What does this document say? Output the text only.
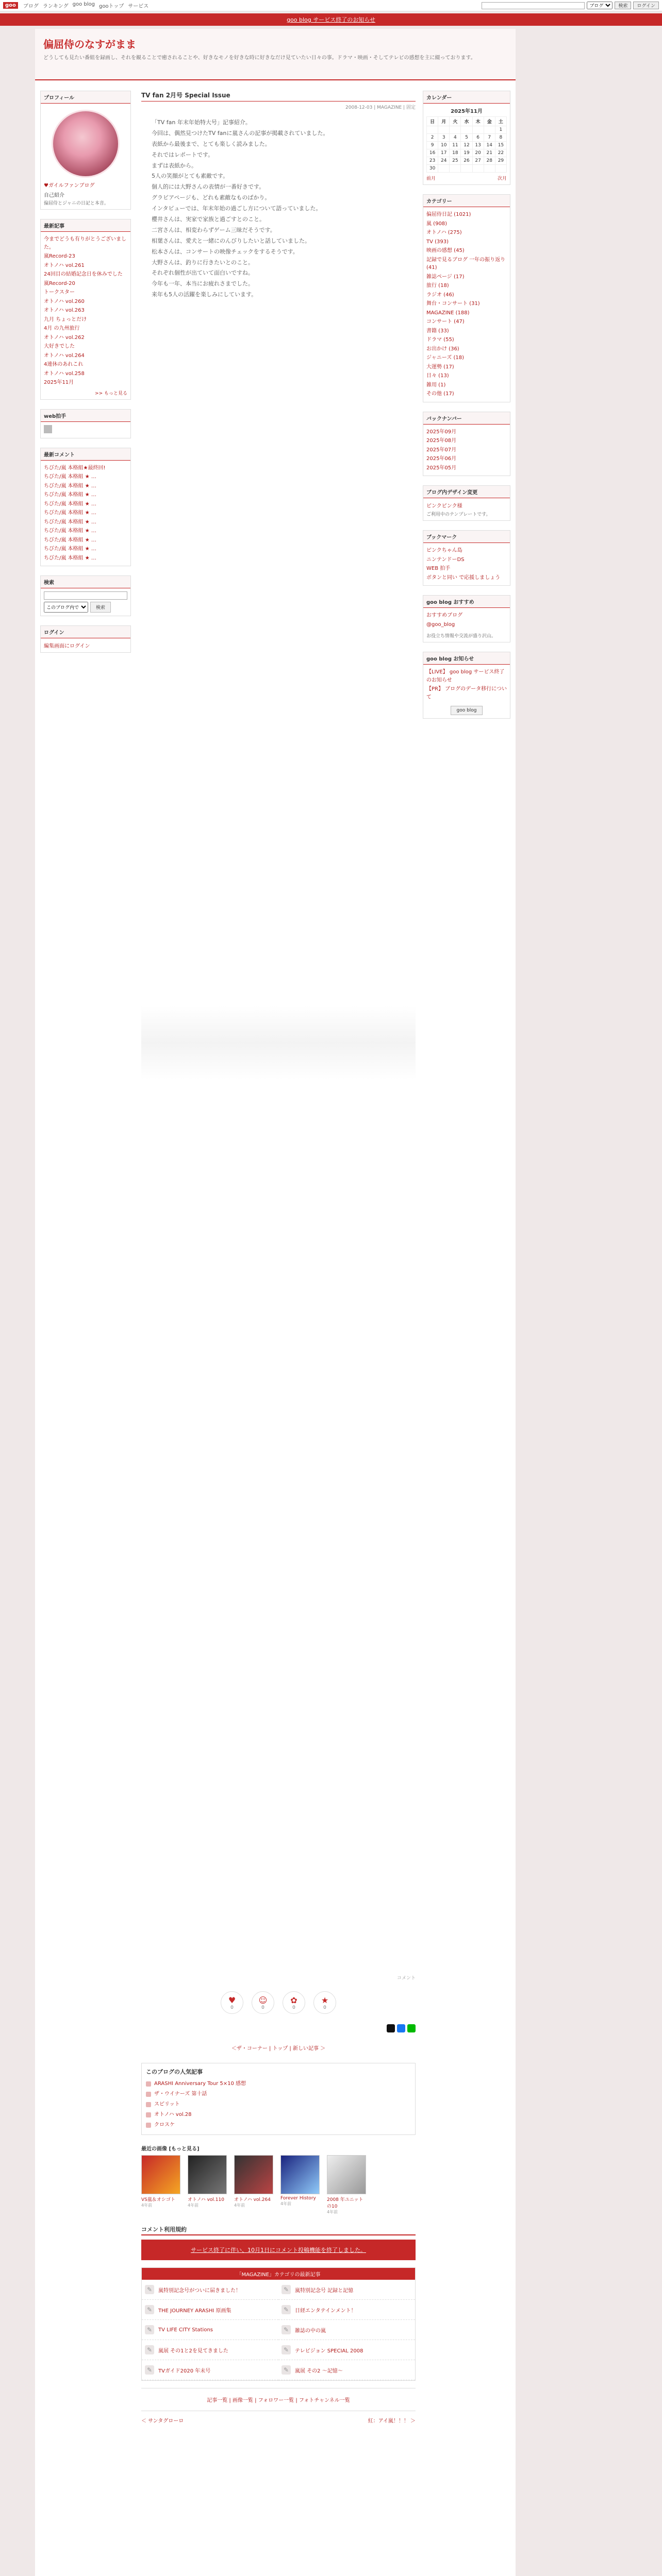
goo	ブログ ランキング goo blog gooトップ サービス
ブログ	検索	ログイン
goo blog サービス終了のお知らせ
偏屈侍のなすがまま
どうしても見たい番組を録画し、それを観ることで癒されることや、好きなモノを好きな時に好きなだけ見ていたい日々の事。ドラマ・映画・そしてテレビの感想を主に綴っております。
プロフィール
♥ガイルファンブログ
自己紹介
偏屈侍とジャニの日記と本音。
最新記事
今までどうも有りがとうございました。
嵐Record-23
オトノハ vol.261
24回目の結婚記念日を休みでした
嵐Record-20
トークスター
オトノハ vol.260
オトノハ vol.263
九月 ちょっとだけ
4月 の九州旅行
オトノハ vol.262
大好きでした
オトノハ vol.264
4連休のあれこれ
オトノハ vol.258
2025年11月
>> もっと見る
web拍手
最新コメント
ちびた/嵐 本格組★最終回!
ちびた/嵐 本格組 ★ …
ちびた/嵐 本格組 ★ …
ちびた/嵐 本格組 ★ …
ちびた/嵐 本格組 ★ …
ちびた/嵐 本格組 ★ …
ちびた/嵐 本格組 ★ …
ちびた/嵐 本格組 ★ …
ちびた/嵐 本格組 ★ …
ちびた/嵐 本格組 ★ …
ちびた/嵐 本格組 ★ …
検索
このブログ内で
検索
ログイン
編集画面にログイン
TV fan 2月号 Special Issue
2008-12-03 | MAGAZINE | 固定

「TV fan 年末年始特大号」記事紹介。

今回は、偶然見つけたTV fanに嵐さんの記事が掲載されていました。

表紙から最後まで、とても楽しく読みました。

それではレポートです。

まずは表紙から。

5人の笑顔がとても素敵です。

個人的には大野さんの表情が一番好きです。

グラビアページも、どれも素敵なものばかり。

インタビューでは、年末年始の過ごし方について語っていました。

櫻井さんは、実家で家族と過ごすとのこと。

二宮さんは、相変わらずゲーム三昧だそうです。

相葉さんは、愛犬と一緒にのんびりしたいと話していました。

松本さんは、コンサートの映像チェックをするそうです。

大野さんは、釣りに行きたいとのこと。

それぞれ個性が出ていて面白いですね。

今年も一年、本当にお疲れさまでした。

来年も5人の活躍を楽しみにしています。

コメント
♥
0
☺
0
✿
0
★
0
＜ザ・コーナー | トップ | 新しい記事 ＞
このブログの人気記事
ARASHI Anniversary Tour 5×10 感想
ザ・ウイナーズ 第十話
スピリット
オトノハ vol.28
クロスケ
最近の画像 [もっと見る]
VS嵐＆オシゴト
4年前
オトノハ vol.110
4年前
オトノハ vol.264
4年前
Forever History
4年前
2008 年ユニットの10
4年前
コメント利用規約
サービス終了に伴い、10月1日にコメント投稿機能を終了しました。
「MAGAZINE」カテゴリの最新記事
✎	嵐特別記念号がついに届きました！	✎	嵐特別記念号 記録と記憶
✎	THE JOURNEY ARASHI 原画集	✎	日経エンタテインメント！
✎	TV LIFE CITY Stations	✎	雑誌の中の嵐
✎	嵐展 その1と2を見てきました	✎	テレビジョン SPECIAL 2008
✎	TVガイド2020 年末号	✎	嵐展 その2 ～記憶～
記事一覧 | 画像一覧 | フォロワー一覧 | フォトチャンネル一覧
＜ サンタグローロ	紅：アイ嵐！！！ ＞
カレンダー
2025年11月
日	月	火	水	木	金	土
						1
2	3	4	5	6	7	8
9	10	11	12	13	14	15
16	17	18	19	20	21	22
23	24	25	26	27	28	29
30						
前月	次月
カテゴリー
偏屈侍日記 (1021)
嵐 (908)
オトノハ (275)
TV (393)
映画の感想 (45)
記録で見るブログ 一年の振り返り (41)
雑誌ページ (17)
旅行 (18)
ラジオ (46)
舞台・コンサート (31)
MAGAZINE (188)
コンサート (47)
書籍 (33)
ドラマ (55)
お出かけ (36)
ジャニーズ (18)
大運勢 (17)
日々 (13)
雑用 (1)
その他 (17)
バックナンバー
2025年09月
2025年08月
2025年07月
2025年06月
2025年05月
ブログ内デザイン変更
ピンクピンク様
ご利用中のテンプレートです。
ブックマーク
ピンクちゃん島
ニンテンドーDS
WEB 拍手
ボタンと同い で応援しましょう
goo blog おすすめ
おすすめブログ
@goo_blog
お役立ち情報や交流が盛り沢山。
goo blog お知らせ
【LIVE】 goo blog サービス終了のお知らせ
【PR】 ブログのデータ移行について
goo blog
